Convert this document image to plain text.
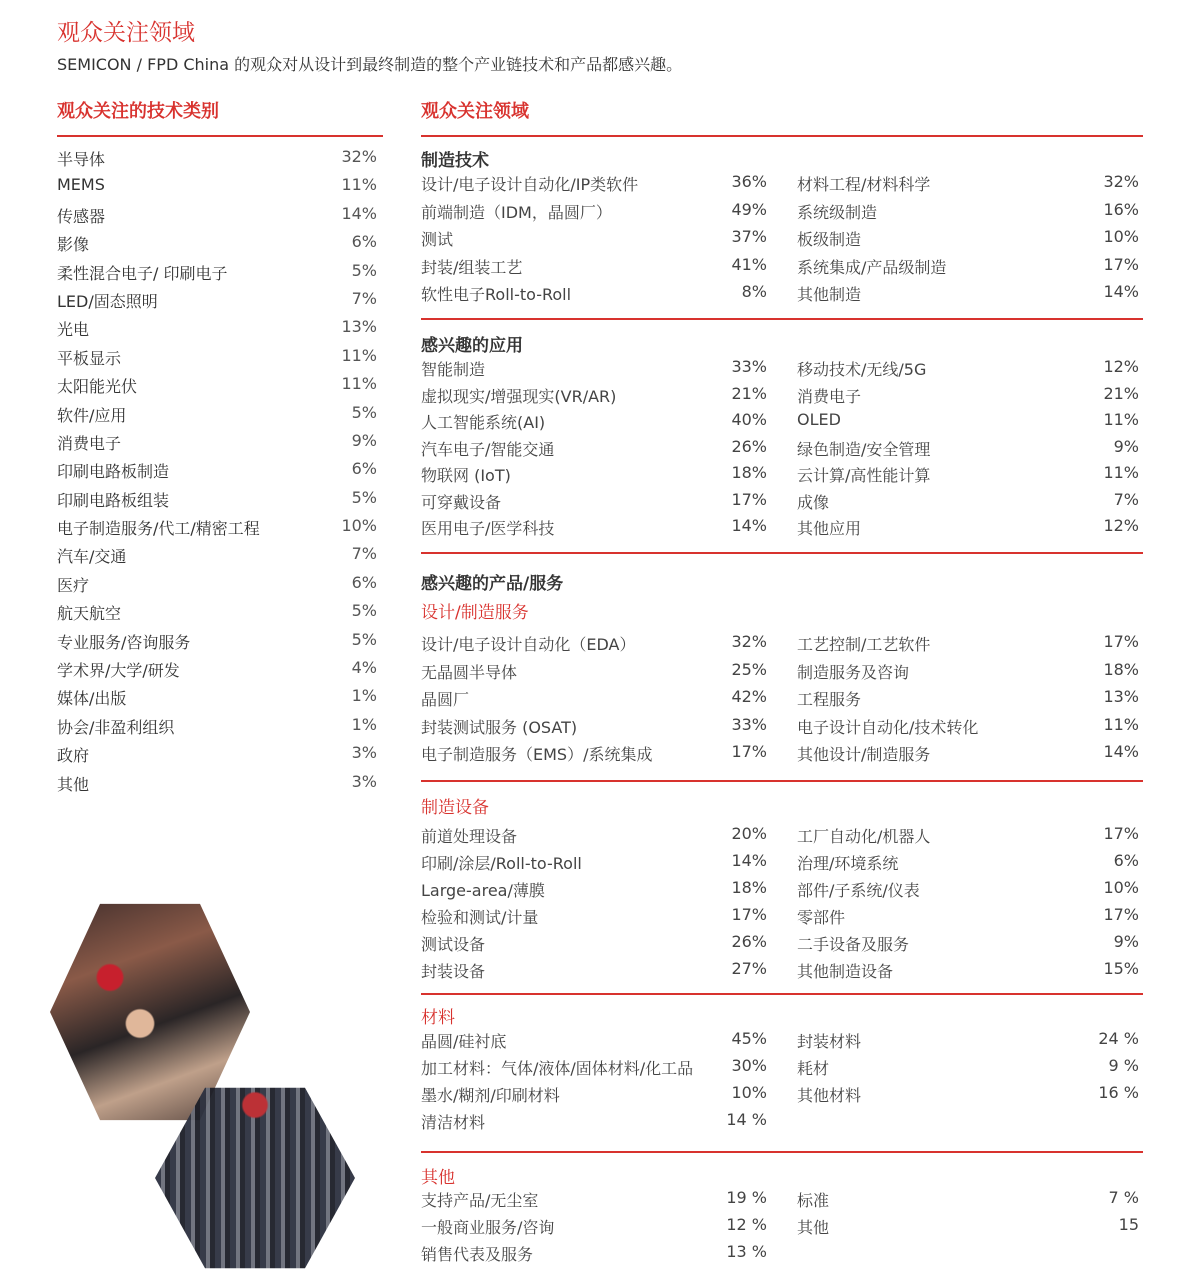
观众关注领域
SEMICON / FPD China 的观众对从设计到最终制造的整个产业链技术和产品都感兴趣。
观众关注的技术类别
半导体	32%
MEMS	11%
传感器	14%
影像	6%
柔性混合电子/ 印刷电子	5%
LED/固态照明	7%
光电	13%
平板显示	11%
太阳能光伏	11%
软件/应用	5%
消费电子	9%
印刷电路板制造	6%
印刷电路板组装	5%
电子制造服务/代工/精密工程	10%
汽车/交通	7%
医疗	6%
航天航空	5%
专业服务/咨询服务	5%
学术界/大学/研发	4%
媒体/出版	1%
协会/非盈利组织	1%
政府	3%
其他	3%
观众关注领域
制造技术
设计/电子设计自动化/IP类软件	36% 材料工程/材料科学	32%
前端制造（IDM，晶圆厂）	49% 系统级制造	16%
测试	37% 板级制造	10%
封装/组装工艺	41% 系统集成/产品级制造	17%
软性电子Roll-to-Roll	8% 其他制造	14%
感兴趣的应用
智能制造	33% 移动技术/无线/5G	12%
虚拟现实/增强现实(VR/AR)	21% 消费电子	21%
人工智能系统(AI)	40% OLED	11%
汽车电子/智能交通	26% 绿色制造/安全管理	9%
物联网 (IoT)	18% 云计算/高性能计算	11%
可穿戴设备	17% 成像	7%
医用电子/医学科技	14% 其他应用	12%
感兴趣的产品/服务
设计/制造服务
设计/电子设计自动化（EDA）	32% 工艺控制/工艺软件	17%
无晶圆半导体	25% 制造服务及咨询	18%
晶圆厂	42% 工程服务	13%
封装测试服务 (OSAT)	33% 电子设计自动化/技术转化	11%
电子制造服务（EMS）/系统集成	17% 其他设计/制造服务	14%
制造设备
前道处理设备	20% 工厂自动化/机器人	17%
印刷/涂层/Roll-to-Roll	14% 治理/环境系统	6%
Large-area/薄膜	18% 部件/子系统/仪表	10%
检验和测试/计量	17% 零部件	17%
测试设备	26% 二手设备及服务	9%
封装设备	27% 其他制造设备	15%
材料
晶圆/硅衬底	45% 封装材料	24 %
加工材料：气体/液体/固体材料/化工品	30% 耗材	9 %
墨水/糊剂/印刷材料	10% 其他材料	16 %
清洁材料	14 %
其他
支持产品/无尘室	19 % 标准	7 %
一般商业服务/咨询	12 % 其他	15
销售代表及服务	13 %
